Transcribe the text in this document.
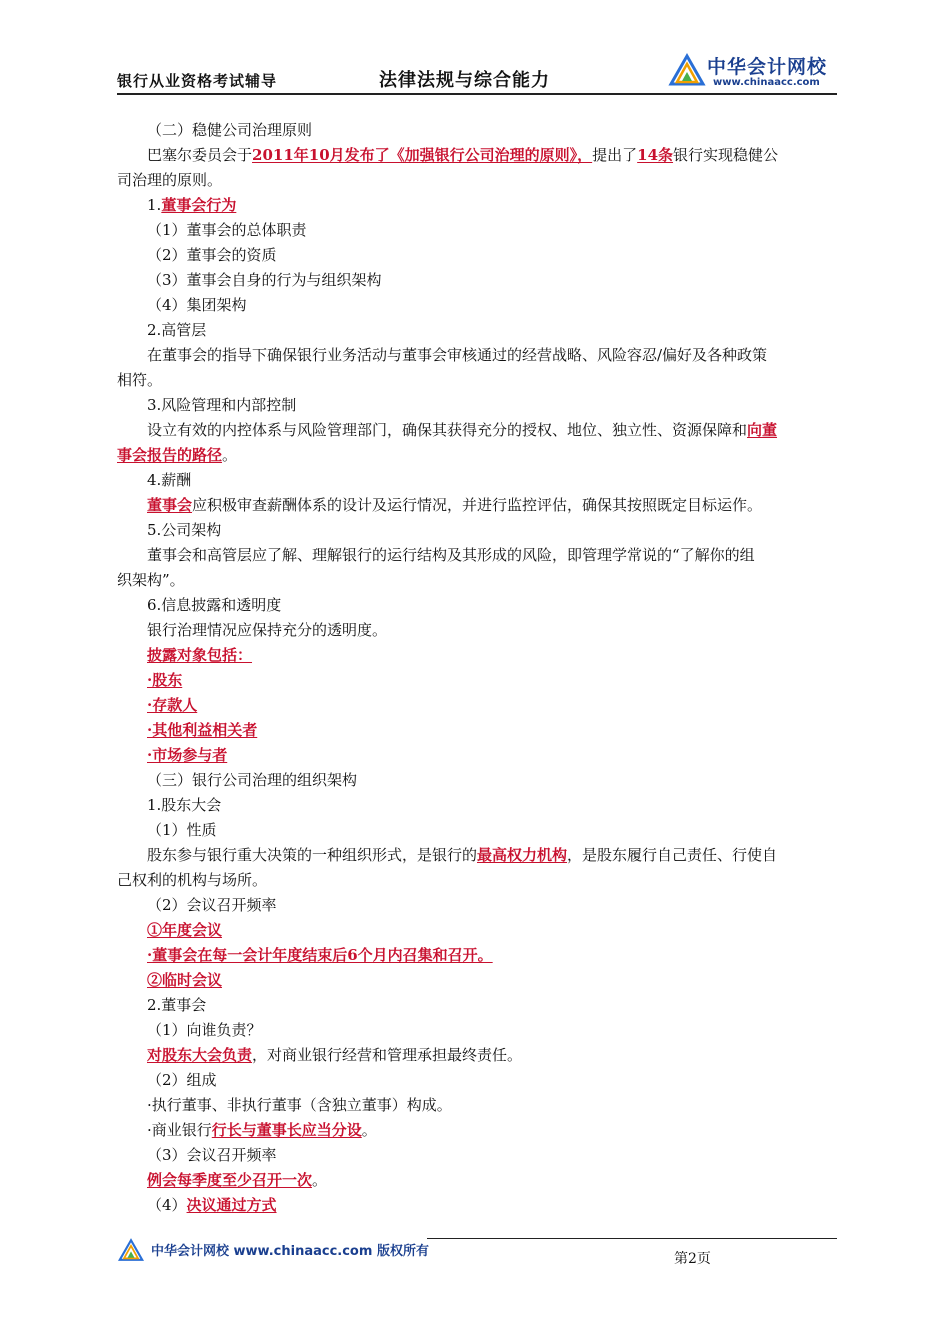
银行从业资格考试辅导	法律法规与综合能力
中华会计网校
www.chinaacc.com

（二）稳健公司治理原则

巴塞尔委员会于2011年10月发布了《加强银行公司治理的原则》，提出了14条银行实现稳健公

司治理的原则。

1.董事会行为

（1）董事会的总体职责

（2）董事会的资质

（3）董事会自身的行为与组织架构

（4）集团架构

2.高管层

在董事会的指导下确保银行业务活动与董事会审核通过的经营战略、风险容忍/偏好及各种政策

相符。

3.风险管理和内部控制

设立有效的内控体系与风险管理部门，确保其获得充分的授权、地位、独立性、资源保障和向董

事会报告的路径。

4.薪酬

董事会应积极审查薪酬体系的设计及运行情况，并进行监控评估，确保其按照既定目标运作。

5.公司架构

董事会和高管层应了解、理解银行的运行结构及其形成的风险，即管理学常说的“了解你的组

织架构”。

6.信息披露和透明度

银行治理情况应保持充分的透明度。

披露对象包括：

·股东

·存款人

·其他利益相关者

·市场参与者

（三）银行公司治理的组织架构

1.股东大会

（1）性质

股东参与银行重大决策的一种组织形式，是银行的最高权力机构，是股东履行自己责任、行使自

己权利的机构与场所。

（2）会议召开频率

①年度会议

·董事会在每一会计年度结束后6个月内召集和召开。

②临时会议

2.董事会

（1）向谁负责？

对股东大会负责，对商业银行经营和管理承担最终责任。

（2）组成

·执行董事、非执行董事（含独立董事）构成。

·商业银行行长与董事长应当分设。

（3）会议召开频率

例会每季度至少召开一次。

（4）决议通过方式

中华会计网校 www.chinaacc.com 版权所有	第2页
